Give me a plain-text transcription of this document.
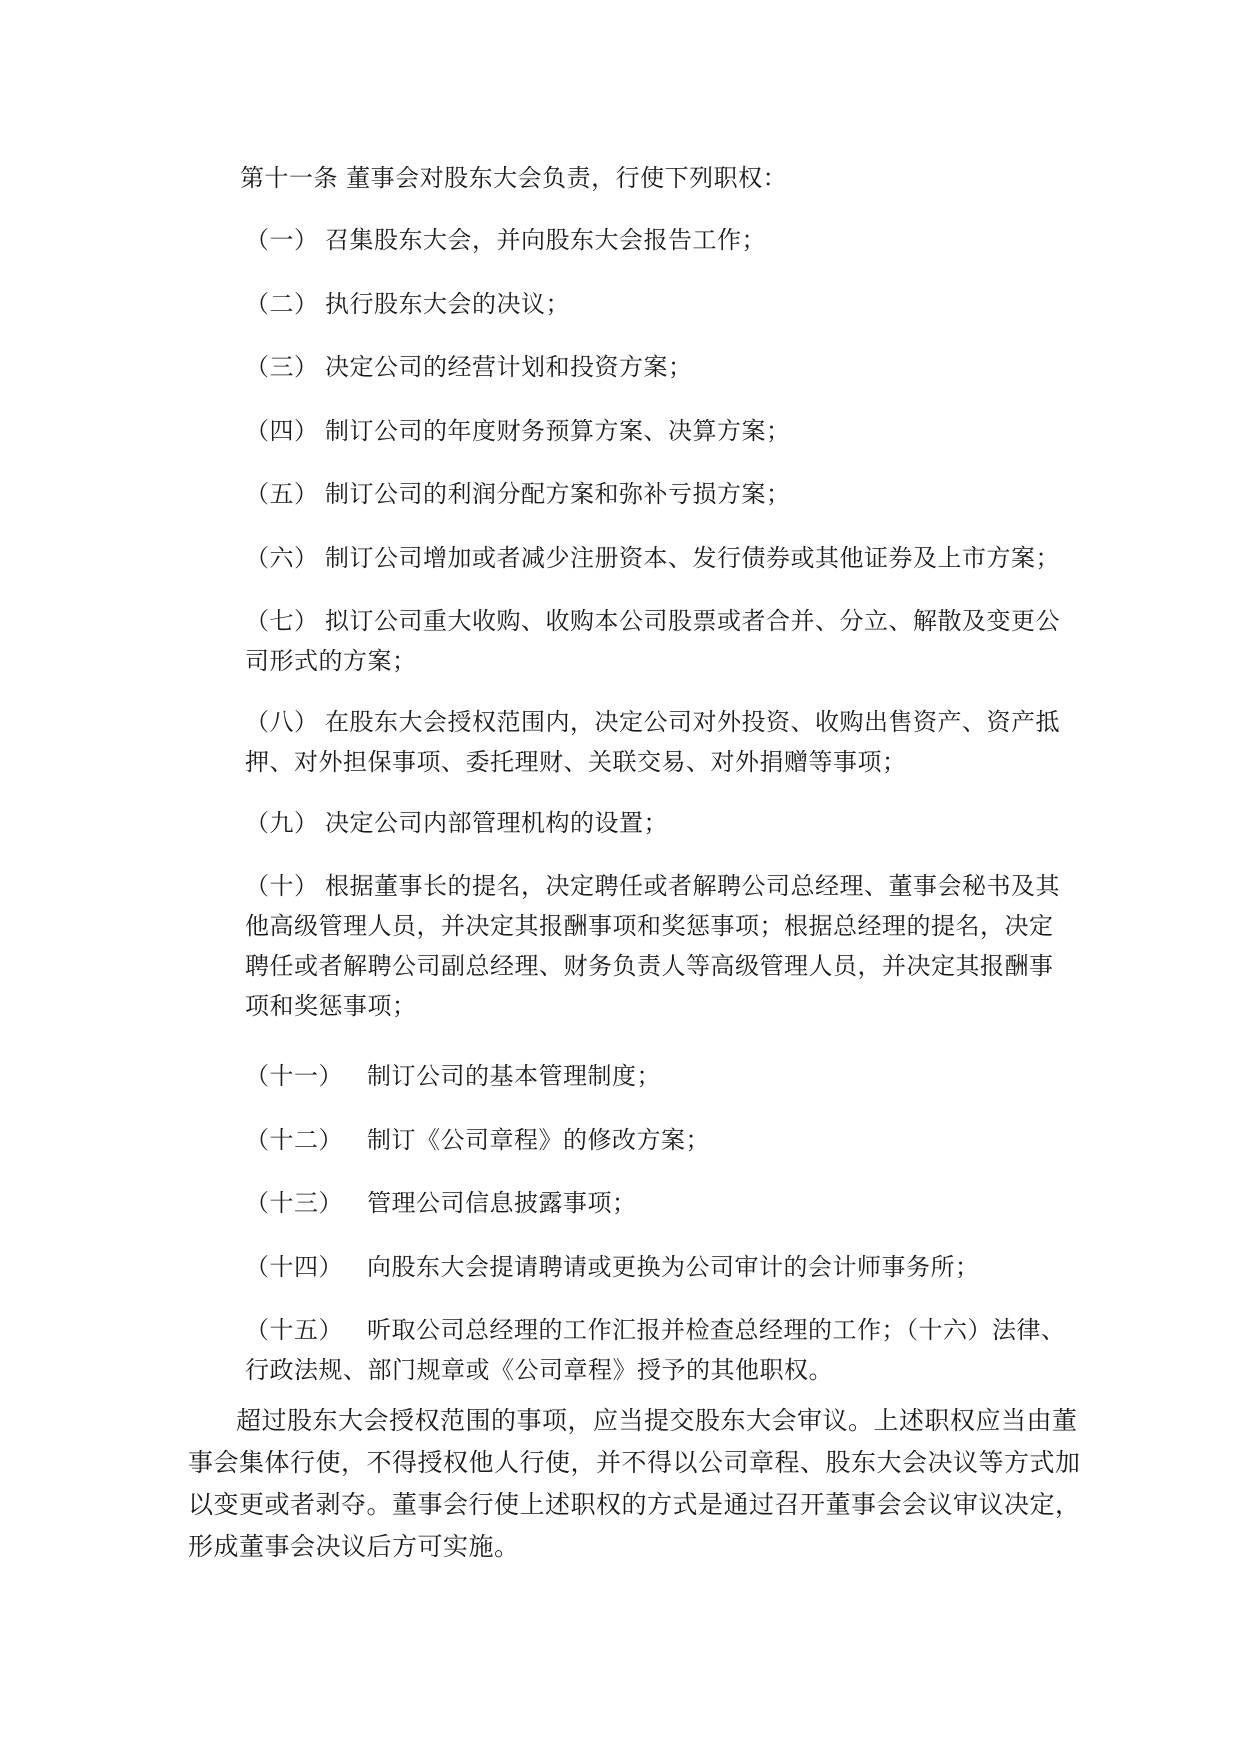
第十一条 董事会对股东大会负责，行使下列职权：
（一） 召集股东大会，并向股东大会报告工作；
（二） 执行股东大会的决议；
（三） 决定公司的经营计划和投资方案；
（四） 制订公司的年度财务预算方案、决算方案；
（五） 制订公司的利润分配方案和弥补亏损方案；
（六） 制订公司增加或者减少注册资本、发行债券或其他证券及上市方案；
（七） 拟订公司重大收购、收购本公司股票或者合并、分立、解散及变更公
司形式的方案；
（八） 在股东大会授权范围内，决定公司对外投资、收购出售资产、资产抵
押、对外担保事项、委托理财、关联交易、对外捐赠等事项；
（九） 决定公司内部管理机构的设置；
（十） 根据董事长的提名，决定聘任或者解聘公司总经理、董事会秘书及其
他高级管理人员，并决定其报酬事项和奖惩事项；根据总经理的提名，决定
聘任或者解聘公司副总经理、财务负责人等高级管理人员，并决定其报酬事
项和奖惩事项；
（十一） 制订公司的基本管理制度；
（十二） 制订《公司章程》的修改方案；
（十三） 管理公司信息披露事项；
（十四） 向股东大会提请聘请或更换为公司审计的会计师事务所；
（十五） 听取公司总经理的工作汇报并检查总经理的工作；（十六）法律、
行政法规、部门规章或《公司章程》授予的其他职权。
超过股东大会授权范围的事项，应当提交股东大会审议。上述职权应当由董
事会集体行使，不得授权他人行使，并不得以公司章程、股东大会决议等方式加
以变更或者剥夺。董事会行使上述职权的方式是通过召开董事会会议审议决定，
形成董事会决议后方可实施。
